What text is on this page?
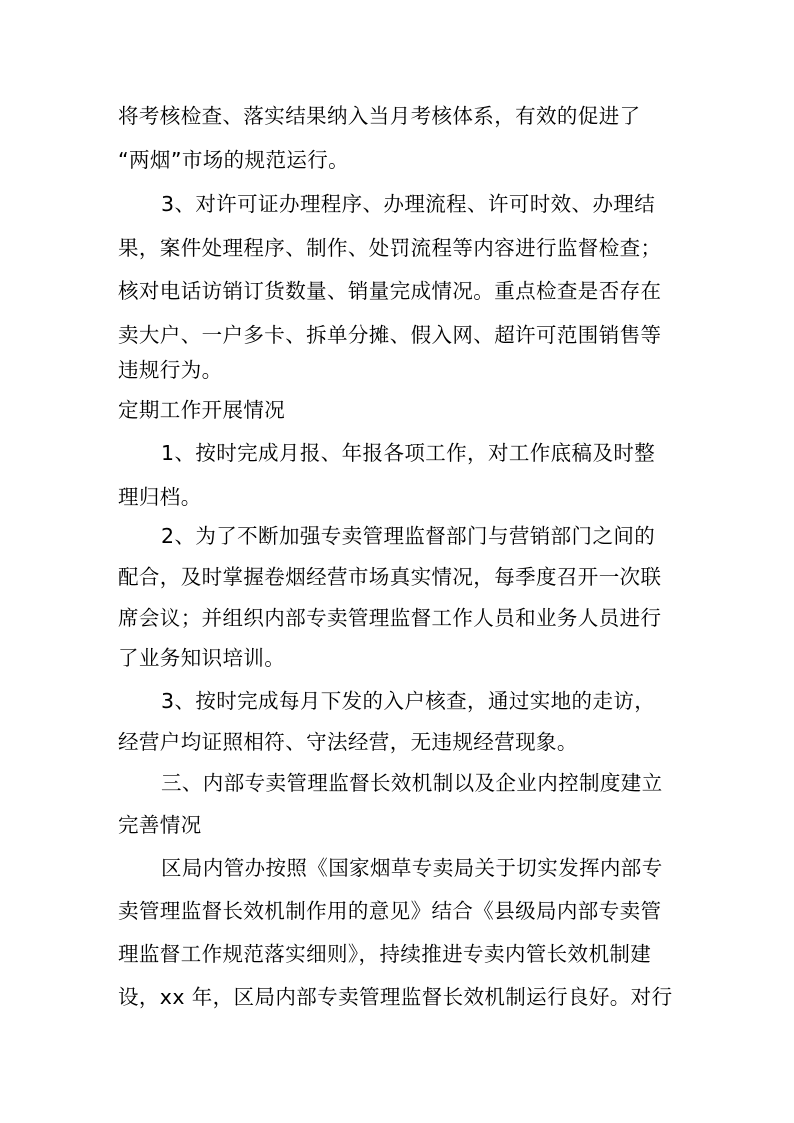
将考核检查、落实结果纳入当月考核体系，有效的促进了
“两烟”市场的规范运行。
3、对许可证办理程序、办理流程、许可时效、办理结
果，案件处理程序、制作、处罚流程等内容进行监督检查；
核对电话访销订货数量、销量完成情况。重点检查是否存在
卖大户、一户多卡、拆单分摊、假入网、超许可范围销售等
违规行为。
定期工作开展情况
1、按时完成月报、年报各项工作，对工作底稿及时整
理归档。
2、为了不断加强专卖管理监督部门与营销部门之间的
配合，及时掌握卷烟经营市场真实情况，每季度召开一次联
席会议；并组织内部专卖管理监督工作人员和业务人员进行
了业务知识培训。
3、按时完成每月下发的入户核查，通过实地的走访，
经营户均证照相符、守法经营，无违规经营现象。
三、内部专卖管理监督长效机制以及企业内控制度建立
完善情况
区局内管办按照《国家烟草专卖局关于切实发挥内部专
卖管理监督长效机制作用的意见》结合《县级局内部专卖管
理监督工作规范落实细则》，持续推进专卖内管长效机制建
设，xx 年，区局内部专卖管理监督长效机制运行良好。对行
